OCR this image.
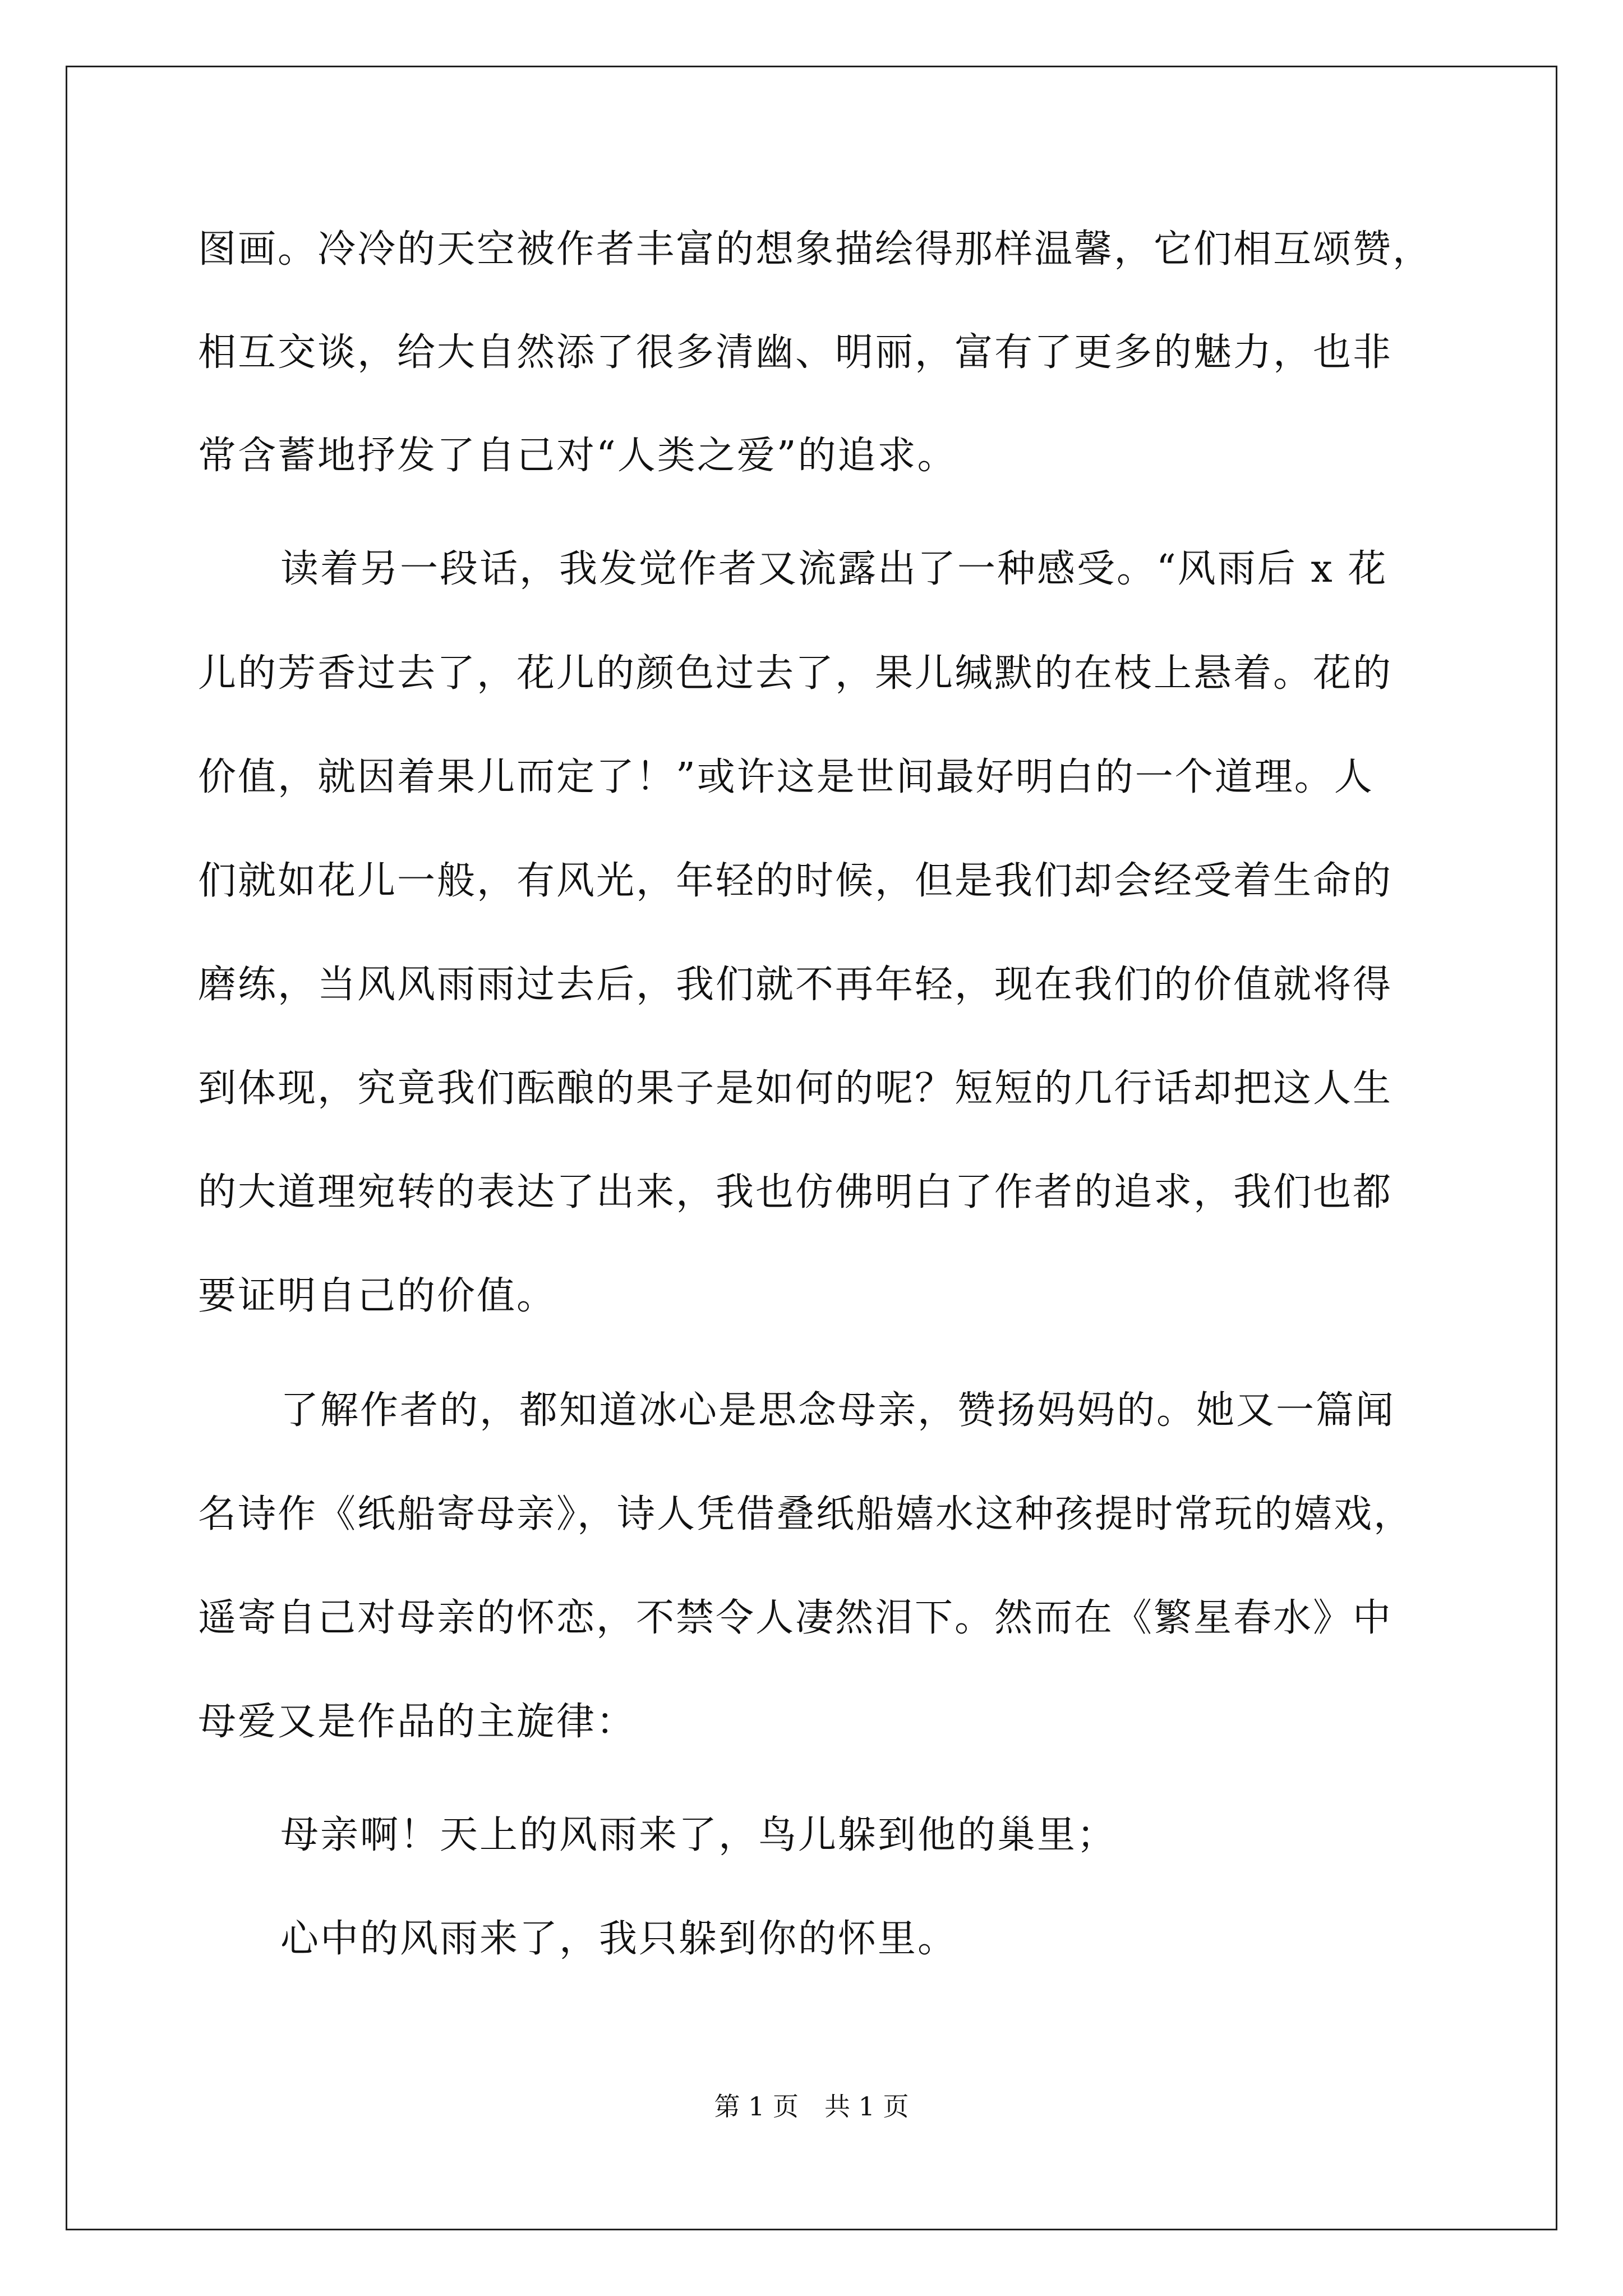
图画。冷冷的天空被作者丰富的想象描绘得那样温馨，它们相互颂赞，
相互交谈，给大自然添了很多清幽、明丽，富有了更多的魅力，也非
常含蓄地抒发了自己对“人类之爱”的追求。
读着另一段话，我发觉作者又流露出了一种感受。“风雨后 x 花
儿的芳香过去了，花儿的颜色过去了，果儿缄默的在枝上悬着。花的
价值，就因着果儿而定了！”或许这是世间最好明白的一个道理。人
们就如花儿一般，有风光，年轻的时候，但是我们却会经受着生命的
磨练，当风风雨雨过去后，我们就不再年轻，现在我们的价值就将得
到体现，究竟我们酝酿的果子是如何的呢？短短的几行话却把这人生
的大道理宛转的表达了出来，我也仿佛明白了作者的追求，我们也都
要证明自己的价值。
了解作者的，都知道冰心是思念母亲，赞扬妈妈的。她又一篇闻
名诗作《纸船寄母亲》，诗人凭借叠纸船嬉水这种孩提时常玩的嬉戏，
遥寄自己对母亲的怀恋，不禁令人凄然泪下。然而在《繁星春水》中
母爱又是作品的主旋律：
母亲啊！天上的风雨来了，鸟儿躲到他的巢里；
心中的风雨来了，我只躲到你的怀里。
第 1 页　共 1 页
